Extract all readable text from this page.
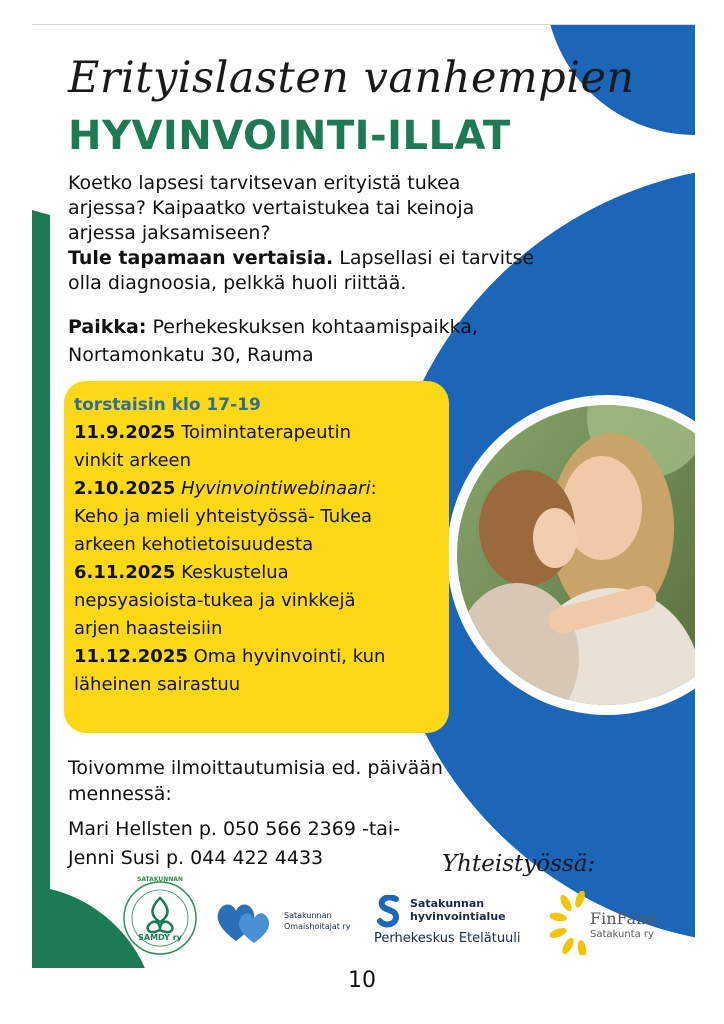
Erityislasten vanhempien
HYVINVOINTI-ILLAT
Koetko lapsesi tarvitsevan erityistä tukea
arjessa? Kaipaatko vertaistukea tai keinoja
arjessa jaksamiseen?
Tule tapamaan vertaisia. Lapsellasi ei tarvitse
olla diagnoosia, pelkkä huoli riittää.
Paikka: Perhekeskuksen kohtaamispaikka,
Nortamonkatu 30, Rauma
torstaisin klo 17-19
11.9.2025 Toimintaterapeutin
vinkit arkeen
2.10.2025 Hyvinvointiwebinaari:
Keho ja mieli yhteistyössä- Tukea
arkeen kehotietoisuudesta
6.11.2025 Keskustelua
nepsyasioista-tukea ja vinkkejä
arjen haasteisiin
11.12.2025 Oma hyvinvointi, kun
läheinen sairastuu
Toivomme ilmoittautumisia ed. päivään
mennessä:
Mari Hellsten p. 050 566 2369 -tai-
Jenni Susi p. 044 422 4433	Yhteistyössä:
SATAKUNNAN
SAMDY ry
Satakunnan
Omaishoitajat ry
Satakunnan
hyvinvointialue
Perhekeskus Etelätuuli
FinFami
Satakunta ry
10
